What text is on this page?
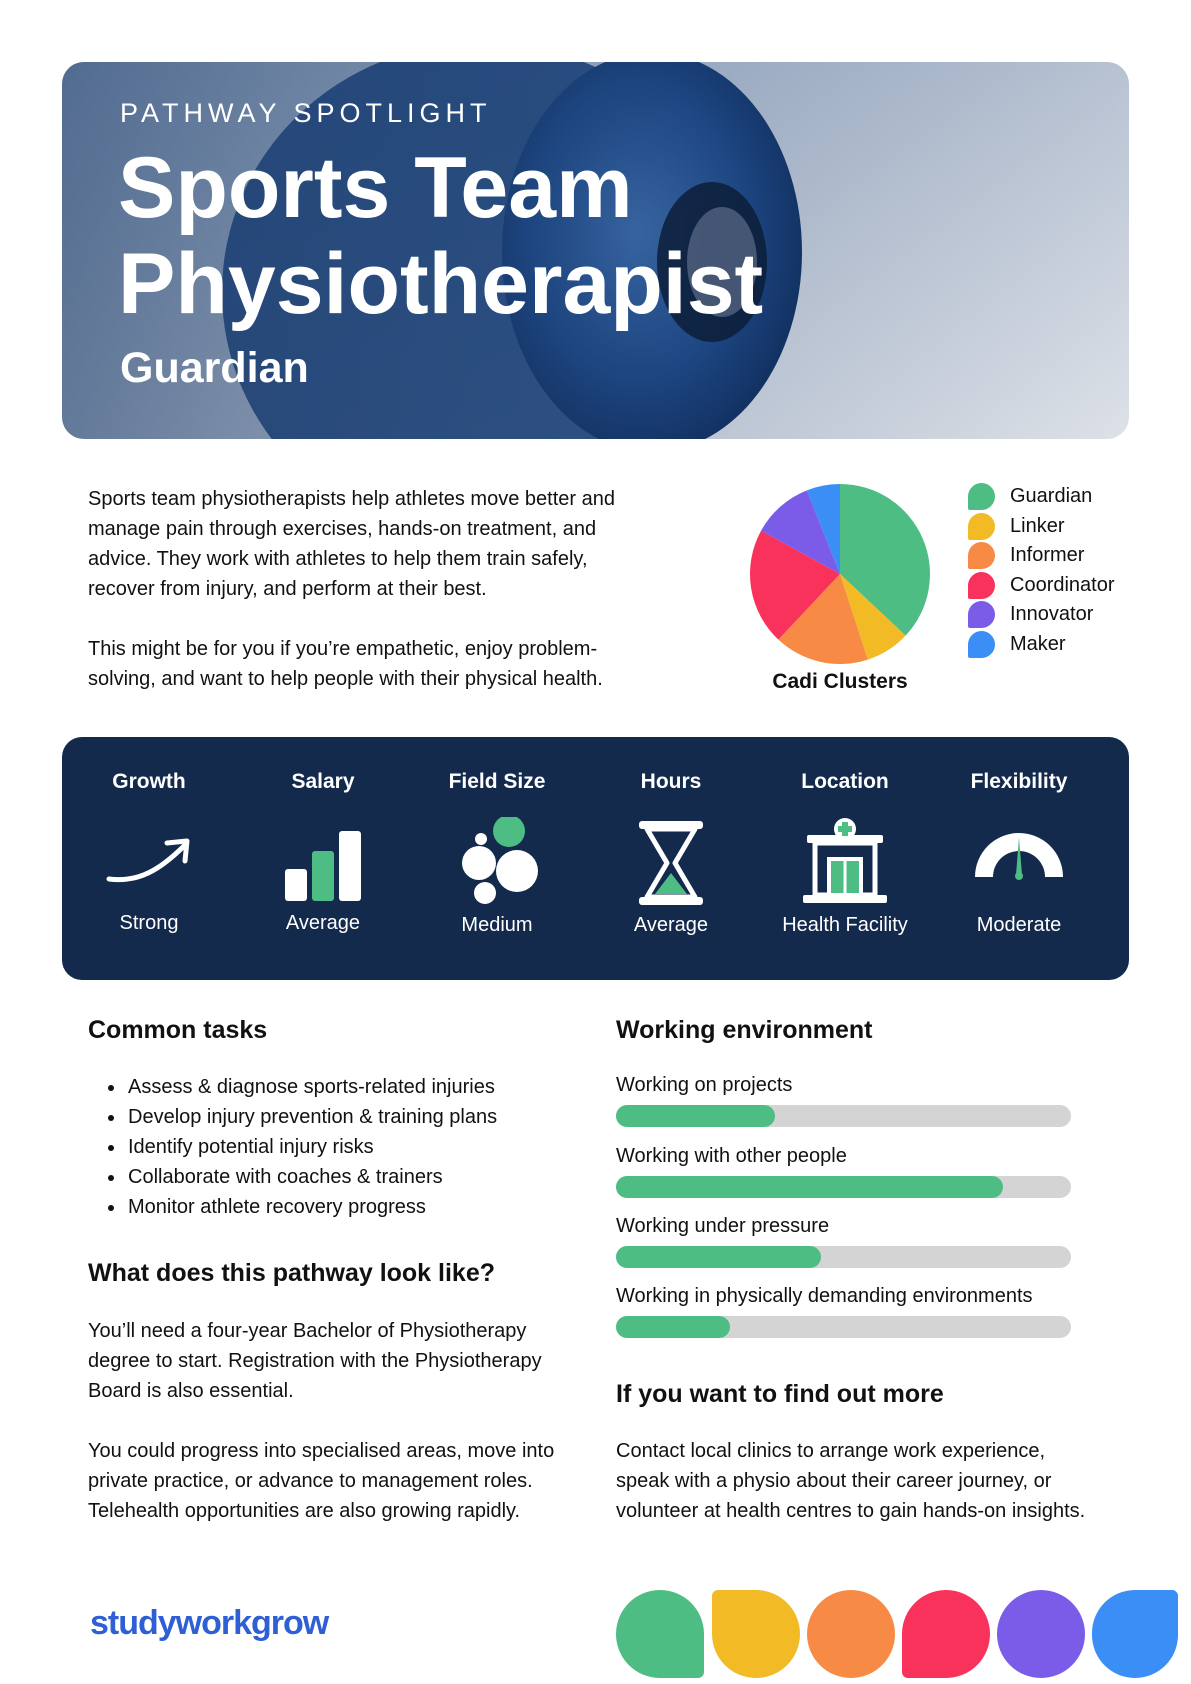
PATHWAY SPOTLIGHT
Sports Team Physiotherapist
Guardian

Sports team physiotherapists help athletes move better and manage pain through exercises, hands-on treatment, and advice. They work with athletes to help them train safely, recover from injury, and perform at their best.

This might be for you if you’re empathetic, enjoy problem-solving, and want to help people with their physical health.	Cadi Clusters
Guardian
Linker
Informer
Coordinator
Innovator
Maker
Growth
Strong
Salary
Average
Field Size
Medium
Hours
Average
Location
Health Facility
Flexibility
Moderate
Common tasks
• Assess & diagnose sports-related injuries
• Develop injury prevention & training plans
• Identify potential injury risks
• Collaborate with coaches & trainers
• Monitor athlete recovery progress
What does this pathway look like?

You’ll need a four-year Bachelor of Physiotherapy degree to start. Registration with the Physiotherapy Board is also essential.

You could progress into specialised areas, move into private practice, or advance to management roles. Telehealth opportunities are also growing rapidly.

Working environment
Working on projects
Working with other people
Working under pressure
Working in physically demanding environments
If you want to find out more

Contact local clinics to arrange work experience, speak with a physio about their career journey, or volunteer at health centres to gain hands-on insights.

studyworkgrow
